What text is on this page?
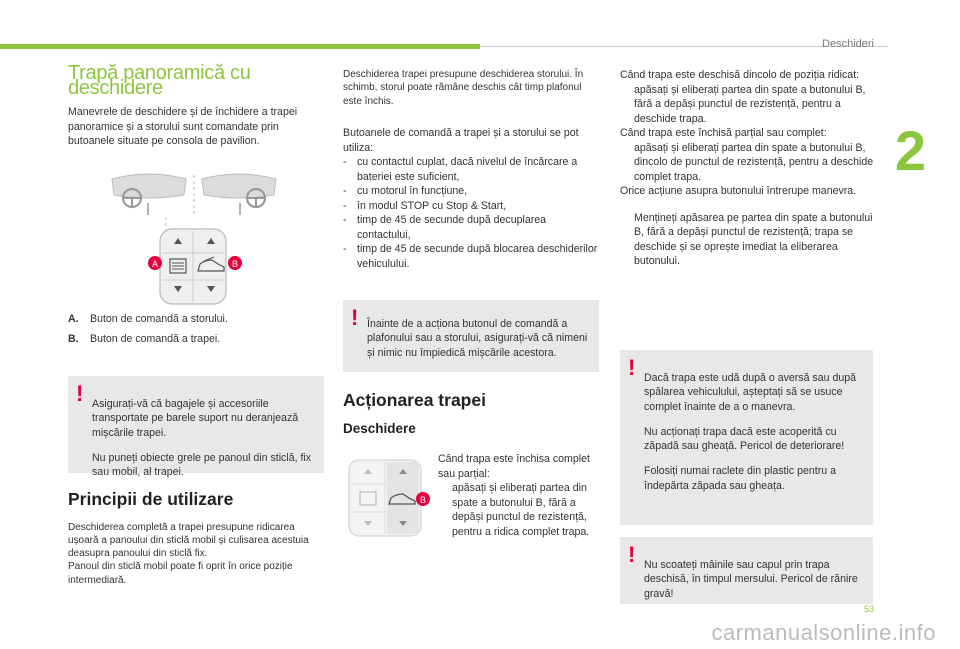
Deschideri
2
53
carmanualsonline.info
Trapă panoramică cu deschidere

Manevrele de deschidere și de închidere a trapei panoramice și a storului sunt comandate prin butoanele situate pe consola de pavilion.

A	B
A.	Buton de comandă a storului.
B.	Buton de comandă a trapei.
! Asigurați-vă că bagajele și accesoriile transportate pe barele suport nu deranjează mișcările trapei.

Nu puneți obiecte grele pe panoul din sticlă, fix sau mobil, al trapei.

Principii de utilizare

Deschiderea completă a trapei presupune ridicarea ușoară a panoului din sticlă mobil și culisarea acestuia deasupra panoului din sticlă fix.

Panoul din sticlă mobil poate fi oprit în orice poziție intermediară.

Deschiderea trapei presupune deschiderea storului. În schimb, storul poate rămâne deschis cât timp plafonul este închis.

Butoanele de comandă a trapei și a storului se pot utiliza:

- cu contactul cuplat, dacă nivelul de încărcare a bateriei este suficient,
- cu motorul în funcțiune,
- în modul STOP cu Stop & Start,
- timp de 45 de secunde după decuplarea contactului,
- timp de 45 de secunde după blocarea deschiderilor vehiculului.
! Înainte de a acționa butonul de comandă a plafonului sau a storului, asigurați-vă că nimeni și nimic nu împiedică mișcările acestora.

Acționarea trapei
Deschidere
B

Când trapa este închisa complet sau parțial:

apăsați și eliberați partea din spate a butonului B, fără a depăși punctul de rezistență, pentru a ridica complet trapa.

Când trapa este deschisă dincolo de poziția ridicat:

apăsați și eliberați partea din spate a butonului B, fără a depăși punctul de rezistență, pentru a deschide trapa.

Când trapa este închisă parțial sau complet:

apăsați și eliberați partea din spate a butonului B, dincolo de punctul de rezistență, pentru a deschide complet trapa.

Orice acțiune asupra butonului întrerupe manevra.

Mențineți apăsarea pe partea din spate a butonului B, fără a depăși punctul de rezistență; trapa se deschide și se oprește imediat la eliberarea butonului.
! Dacă trapa este udă după o aversă sau după spălarea vehiculului, așteptați să se usuce complet înainte de a o manevra.

Nu acționați trapa dacă este acoperită cu zăpadă sau gheață. Pericol de deteriorare!

Folosiți numai raclete din plastic pentru a îndepărta zăpada sau gheața.

! Nu scoateți mâinile sau capul prin trapa deschisă, în timpul mersului. Pericol de rănire gravă!
